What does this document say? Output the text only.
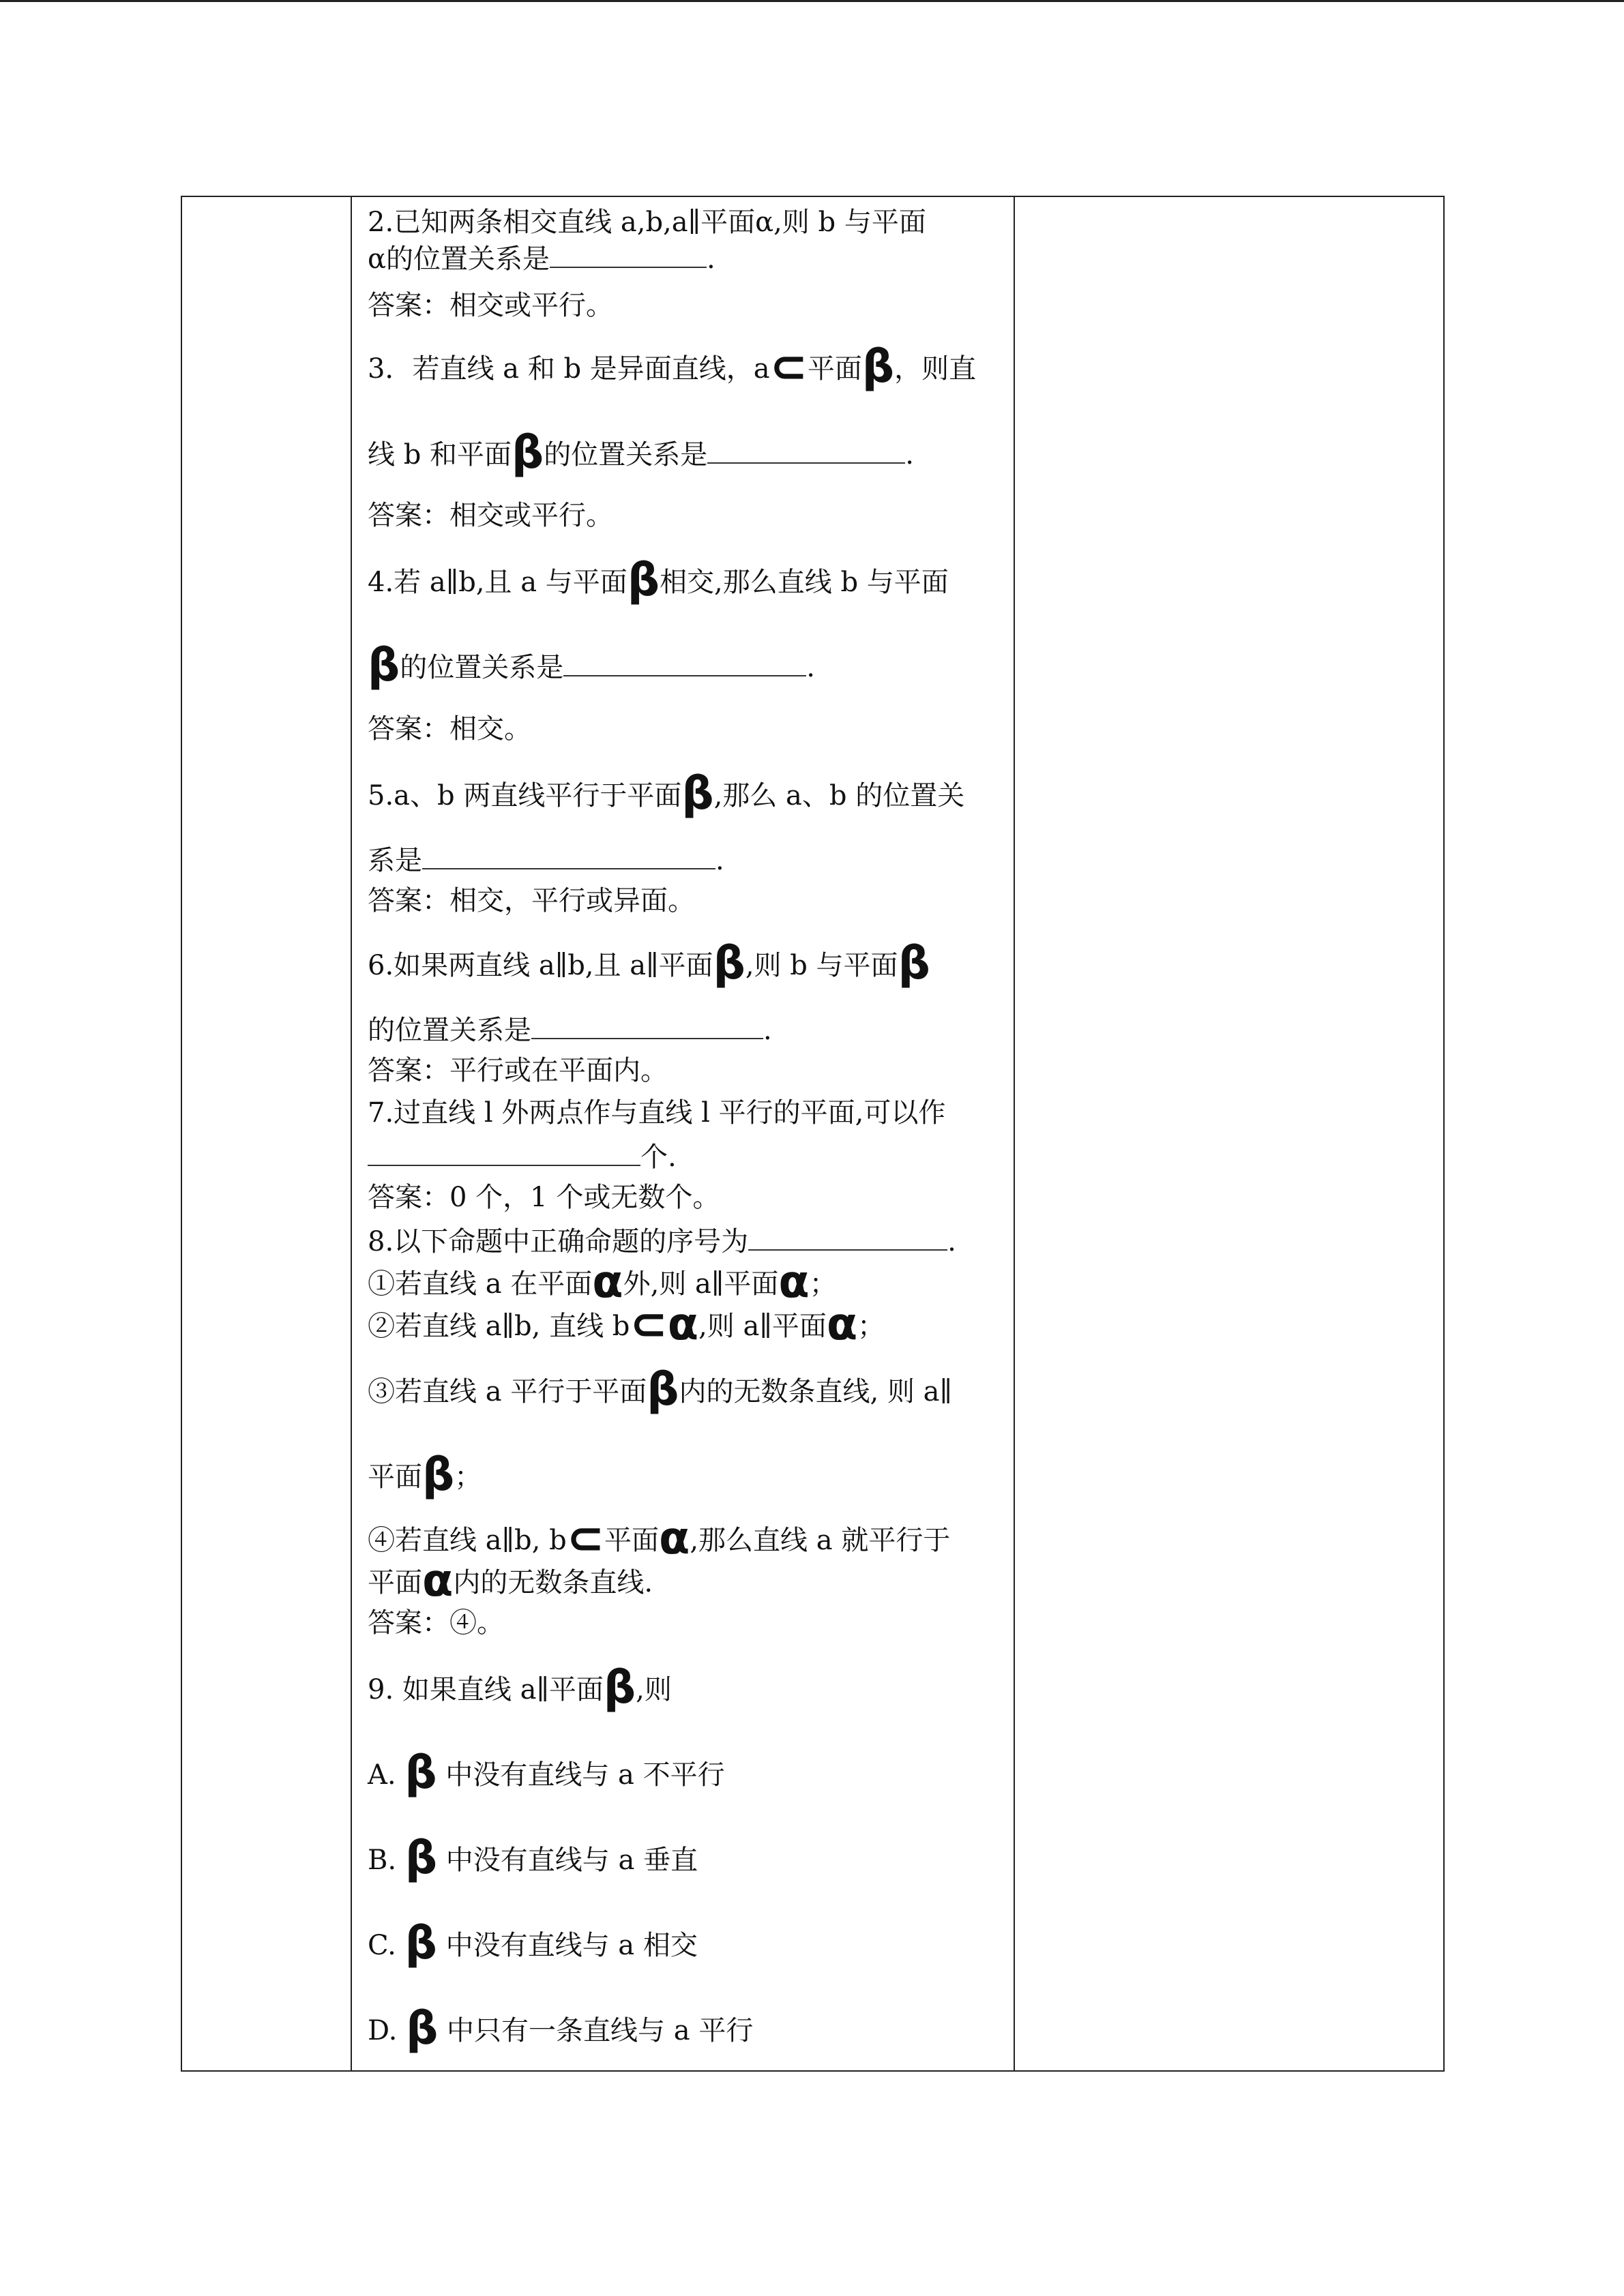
2.已知两条相交直线 a,b,a∥平面α,则 b 与平面
α的位置关系是	.
答案：相交或平行。
3．若直线 a 和 b 是异面直线，a⊂平面β，则直
线 b 和平面β的位置关系是	.
答案：相交或平行。
4.若 a∥b,且 a 与平面β相交,那么直线 b 与平面
β的位置关系是	.
答案：相交。
5.a、b 两直线平行于平面β,那么 a、b 的位置关
系是	.
答案：相交，平行或异面。
6.如果两直线 a∥b,且 a∥平面β,则 b 与平面β
的位置关系是	.
答案：平行或在平面内。
7.过直线 l 外两点作与直线 l 平行的平面,可以作
个.
答案：0 个，1 个或无数个。
8.以下命题中正确命题的序号为	.
①若直线 a 在平面α外,则 a∥平面α；
②若直线 a∥b, 直线 b⊂α,则 a∥平面α；
③若直线 a 平行于平面β内的无数条直线, 则 a∥
平面β；
④若直线 a∥b, b⊂平面α,那么直线 a 就平行于
平面α内的无数条直线.
答案：④。
9. 如果直线 a∥平面β,则
A. β 中没有直线与 a 不平行
B. β 中没有直线与 a 垂直
C. β 中没有直线与 a 相交
D. β 中只有一条直线与 a 平行
